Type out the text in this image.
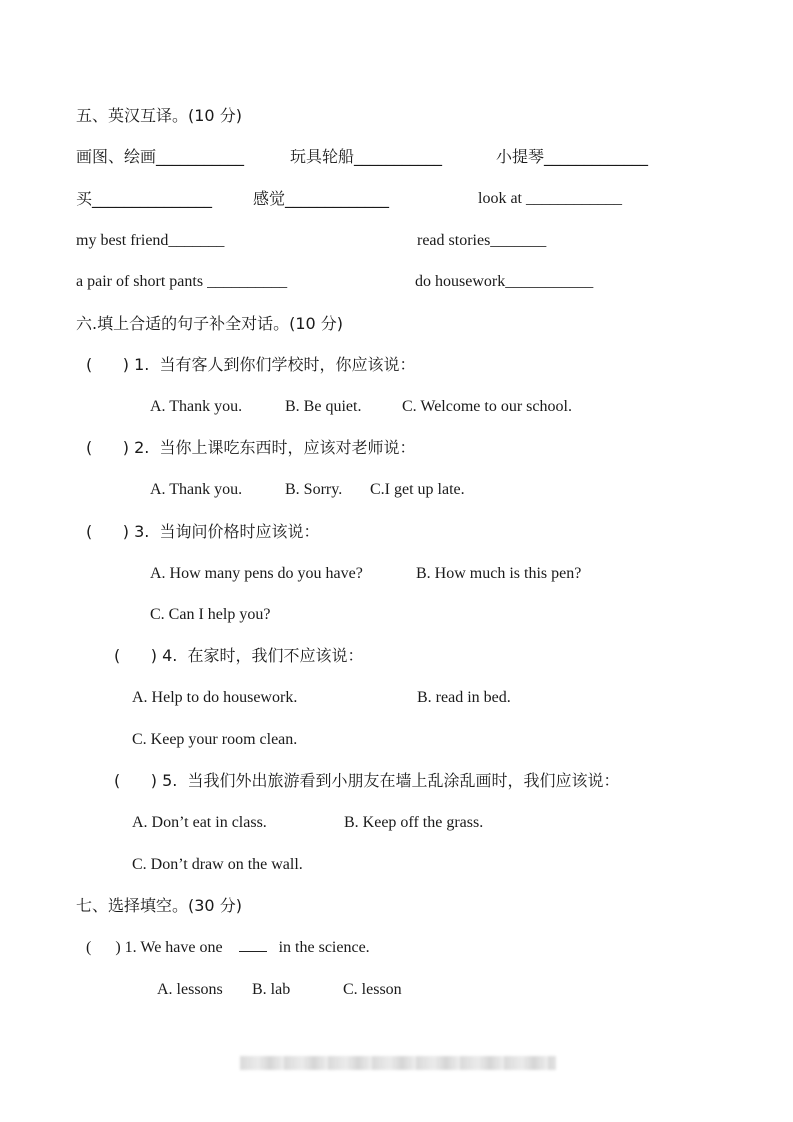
五、英汉互译。(10 分)
画图、绘画___________	玩具轮船___________	小提琴_____________
买_______________	感觉_____________	look at ____________
my best friend_______	read stories_______
a pair of short pants __________	do housework___________
六.填上合适的句子补全对话。(10 分)
(      ) 1.  当有客人到你们学校时，你应该说：
A. Thank you.	B. Be quiet.	C. Welcome to our school.
(      ) 2.  当你上课吃东西时，应该对老师说：
A. Thank you.	B. Sorry. C.I get up late.
(      ) 3.  当询问价格时应该说：
A. How many pens do you have?	B. How much is this pen?
C. Can I help you?
(      ) 4.  在家时，我们不应该说：
A. Help to do housework.	B. read in bed.
C. Keep your room clean.
(      ) 5.  当我们外出旅游看到小朋友在墙上乱涂乱画时，我们应该说：
A. Don’t eat in class.	B. Keep off the grass.
C. Don’t draw on the wall.
七、选择填空。(30 分)
(      ) 1. We have one	in the science.
A. lessons B. lab	C. lesson
